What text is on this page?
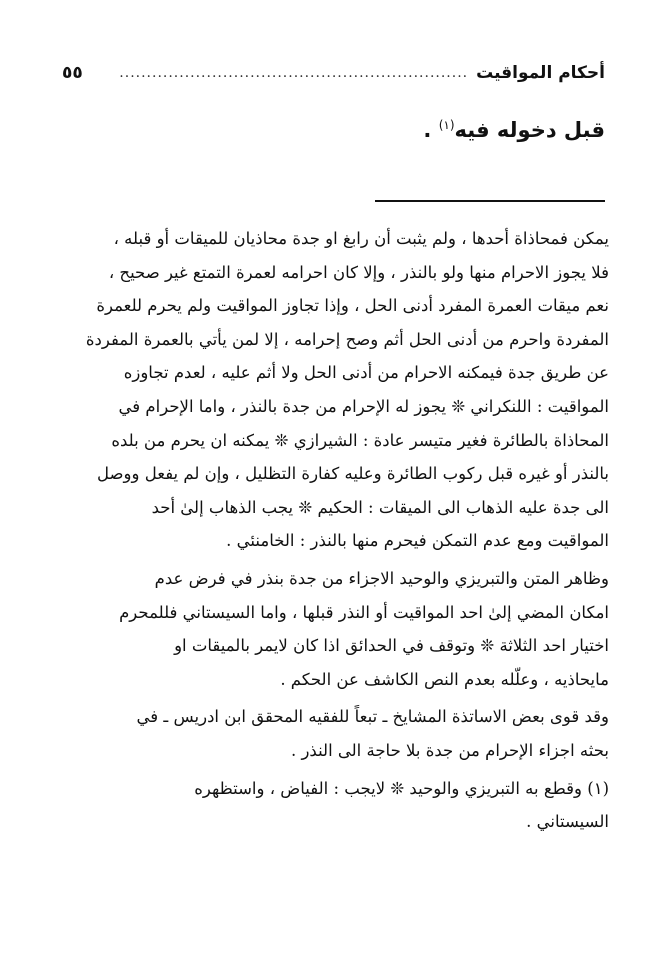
أحكام المواقيت
................................................................
٥٥
قبل دخوله فيه$^{(١)}$ .
يمكن فمحاذاة أحدها ، ولم يثبت أن رابغ او جدة محاذيان للميقات أو قبله ،
فلا يجوز الاحرام منها ولو بالنذر ، وإلا كان احرامه لعمرة التمتع غير صحيح ،
نعم ميقات العمرة المفرد أدنى الحل ، وإذا تجاوز المواقيت ولم يحرم للعمرة
المفردة واحرم من أدنى الحل أثم وصح إحرامه ، إلا لمن يأتي بالعمرة المفردة
عن طريق جدة فيمكنه الاحرام من أدنى الحل ولا أثم عليه ، لعدم تجاوزه
المواقيت : اللنكراني ❊ يجوز له الإحرام من جدة بالنذر ، واما الإحرام في
المحاذاة بالطائرة فغير متيسر عادة : الشيرازي ❊ يمكنه ان يحرم من بلده
بالنذر أو غيره قبل ركوب الطائرة وعليه كفارة التظليل ، وإن لم يفعل ووصل
الى جدة عليه الذهاب الى الميقات : الحكيم ❊ يجب الذهاب إلىٰ أحد
المواقيت ومع عدم التمكن فيحرم منها بالنذر : الخامنئي .
وظاهر المتن والتبريزي والوحيد الاجزاء من جدة بنذر في فرض عدم
امكان المضي إلىٰ احد المواقيت أو النذر قبلها ، واما السيستاني فللمحرم
اختيار احد الثلاثة ❊ وتوقف في الحدائق اذا كان لايمر بالميقات او
مايحاذيه ، وعلّله بعدم النص الكاشف عن الحكم .
وقد قوى بعض الاساتذة المشايخ ـ تبعاً للفقيه المحقق ابن ادريس ـ في
بحثه اجزاء الإحرام من جدة بلا حاجة الى النذر .
(١) وقطع به التبريزي والوحيد ❊ لايجب : الفياض ، واستظهره
السيستاني .
